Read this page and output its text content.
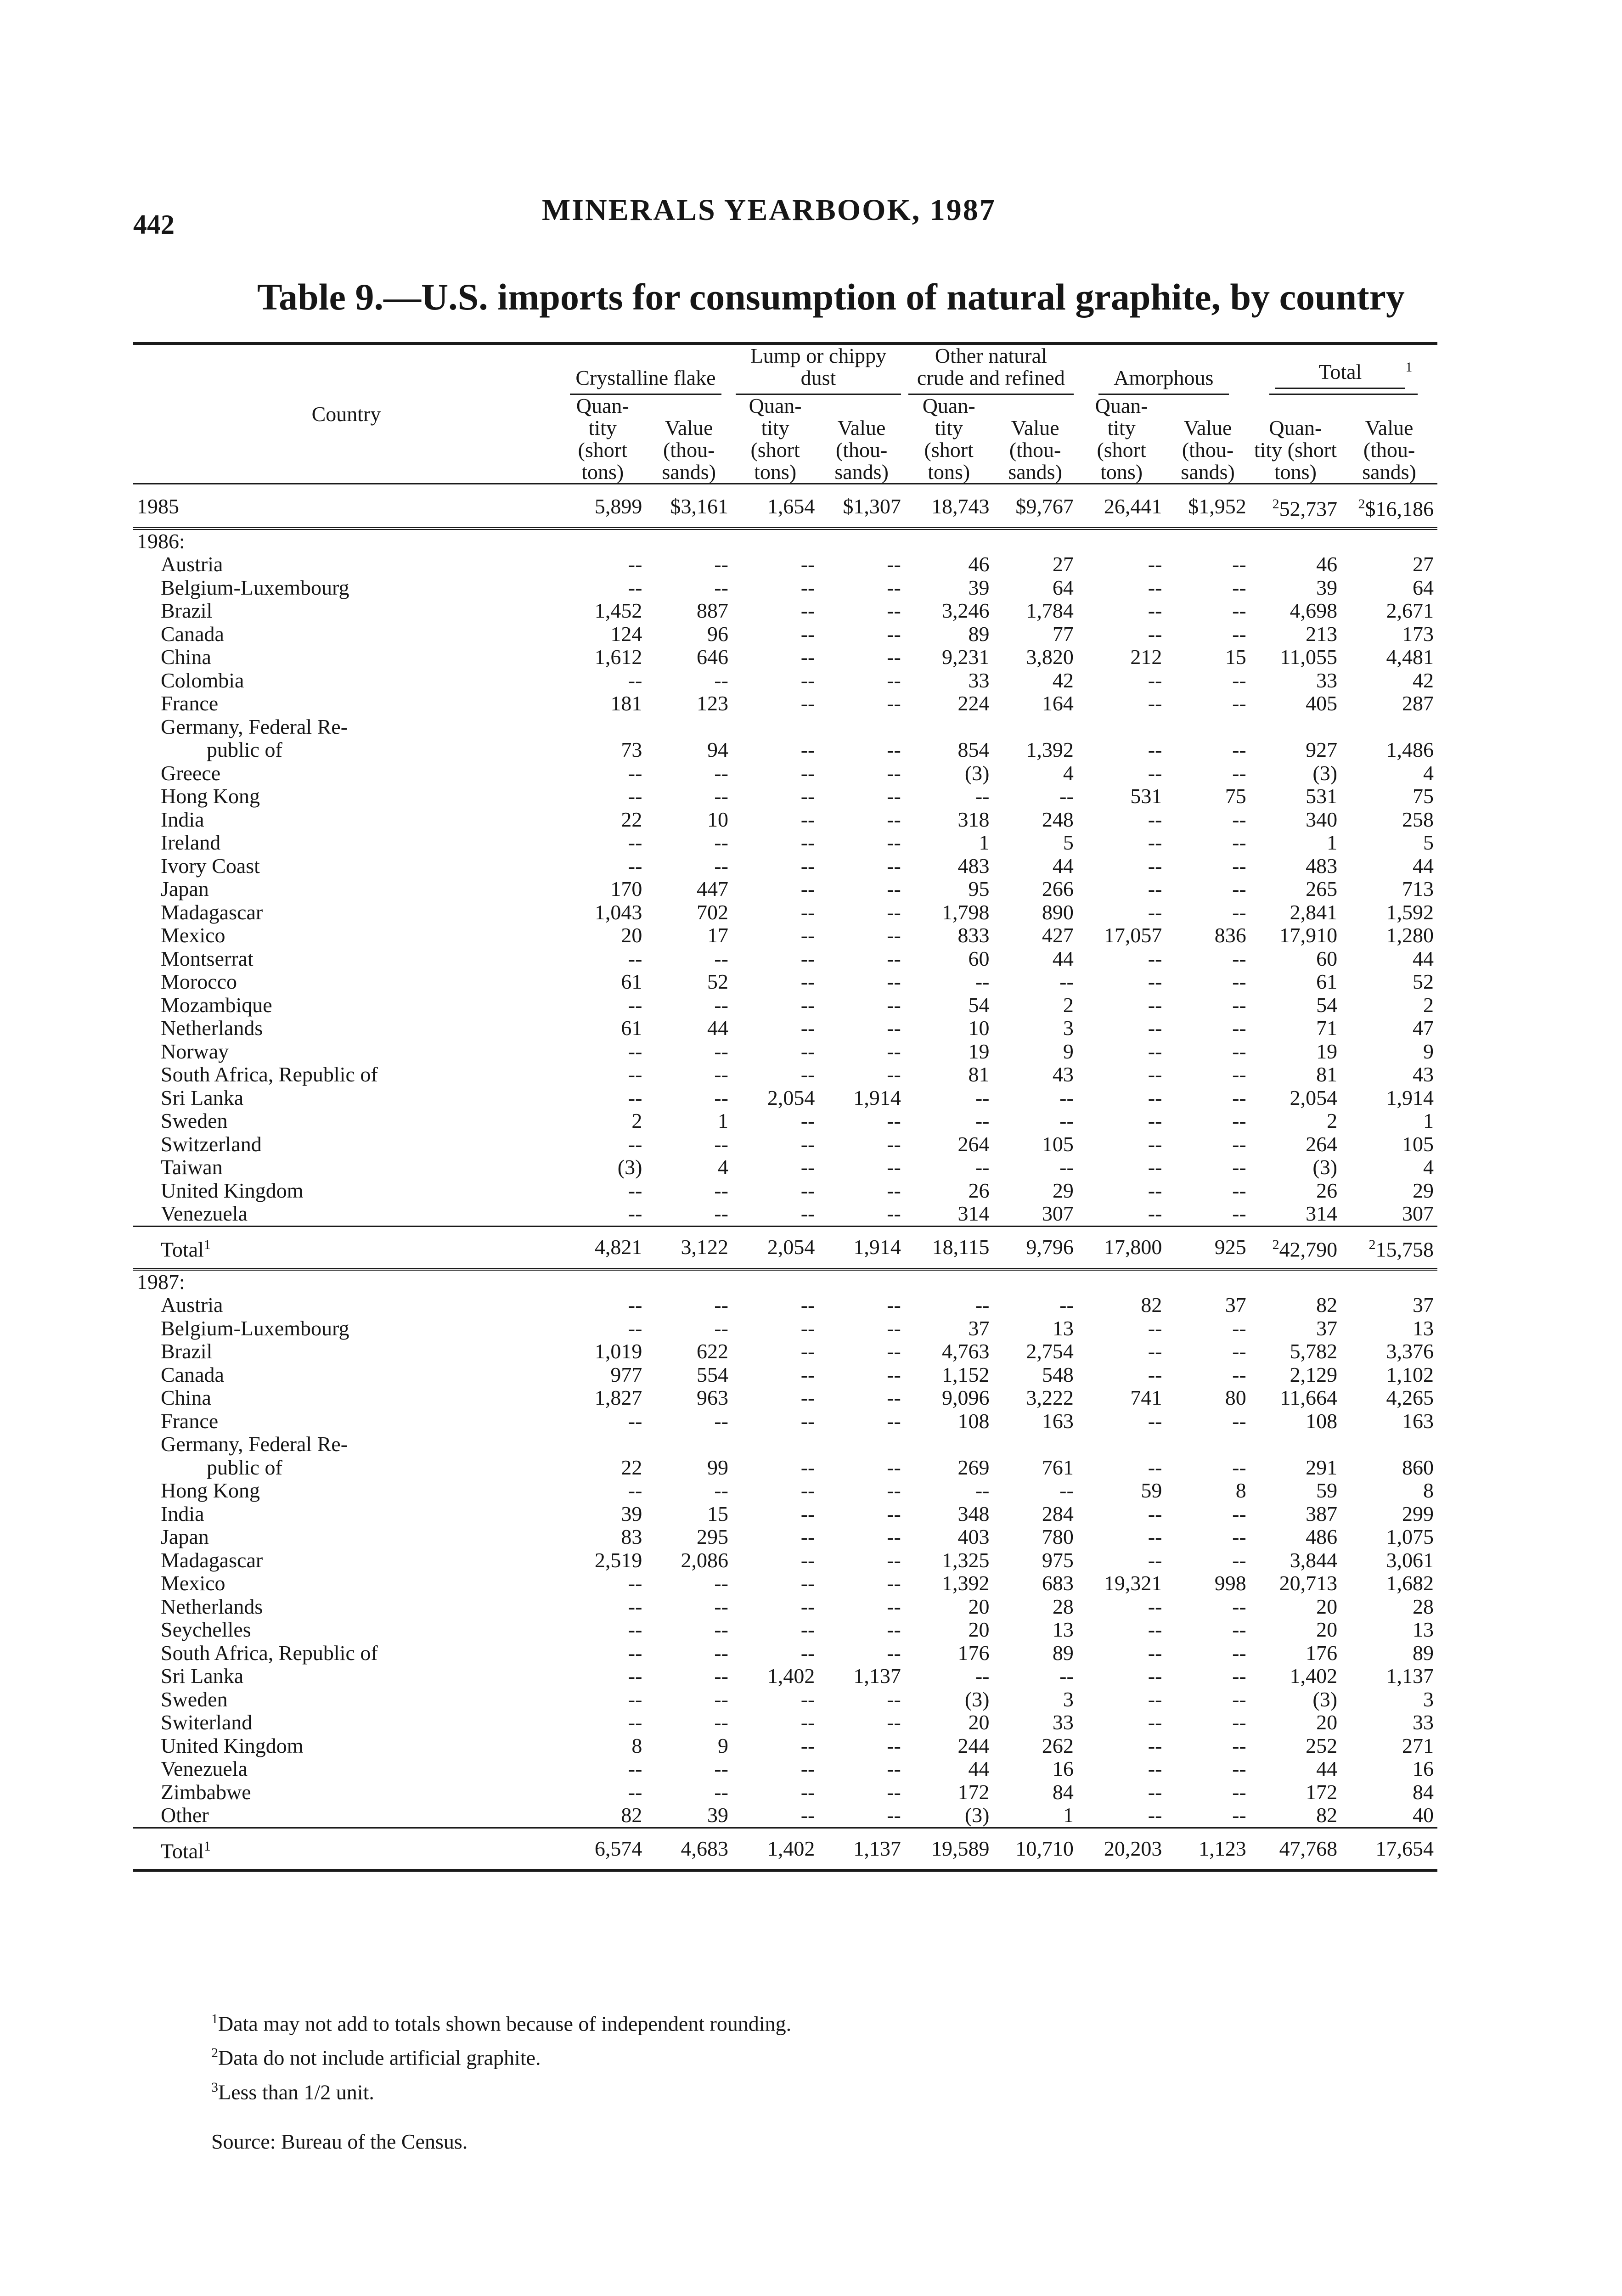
442	MINERALS YEARBOOK, 1987
Table 9.—U.S. imports for consumption of natural graphite, by country
Country	Crystalline flake		Lump or chippy dust		Other natural crude and refined		Amorphous		Total $^1$
	Quan- tity (short tons)	Value (thou- sands)	Quan- tity (short tons)	Value (thou- sands)	Quan- tity (short tons)	Value (thou- sands)	Quan- tity (short tons)	Value (thou- sands)	Quan- tity (short tons)	Value (thou- sands)
1985	5,899	$3,161	1,654	$1,307	18,743	$9,767	26,441	$1,952	$^2$52,737	$^2$\$16,186
1986:										
Austria	--	--	--	--	46	27	--	--	46	27
Belgium-Luxembourg	--	--	--	--	39	64	--	--	39	64
Brazil	1,452	887	--	--	3,246	1,784	--	--	4,698	2,671
Canada	124	96	--	--	89	77	--	--	213	173
China	1,612	646	--	--	9,231	3,820	212	15	11,055	4,481
Colombia	--	--	--	--	33	42	--	--	33	42
France	181	123	--	--	224	164	--	--	405	287
Germany, Federal Re-										
public of	73	94	--	--	854	1,392	--	--	927	1,486
Greece	--	--	--	--	(3)	4	--	--	(3)	4
Hong Kong	--	--	--	--	--	--	531	75	531	75
India	22	10	--	--	318	248	--	--	340	258
Ireland	--	--	--	--	1	5	--	--	1	5
Ivory Coast	--	--	--	--	483	44	--	--	483	44
Japan	170	447	--	--	95	266	--	--	265	713
Madagascar	1,043	702	--	--	1,798	890	--	--	2,841	1,592
Mexico	20	17	--	--	833	427	17,057	836	17,910	1,280
Montserrat	--	--	--	--	60	44	--	--	60	44
Morocco	61	52	--	--	--	--	--	--	61	52
Mozambique	--	--	--	--	54	2	--	--	54	2
Netherlands	61	44	--	--	10	3	--	--	71	47
Norway	--	--	--	--	19	9	--	--	19	9
South Africa, Republic of	--	--	--	--	81	43	--	--	81	43
Sri Lanka	--	--	2,054	1,914	--	--	--	--	2,054	1,914
Sweden	2	1	--	--	--	--	--	--	2	1
Switzerland	--	--	--	--	264	105	--	--	264	105
Taiwan	(3)	4	--	--	--	--	--	--	(3)	4
United Kingdom	--	--	--	--	26	29	--	--	26	29
Venezuela	--	--	--	--	314	307	--	--	314	307
Total$^1$	4,821	3,122	2,054	1,914	18,115	9,796	17,800	925	$^2$42,790	$^2$15,758
1987:										
Austria	--	--	--	--	--	--	82	37	82	37
Belgium-Luxembourg	--	--	--	--	37	13	--	--	37	13
Brazil	1,019	622	--	--	4,763	2,754	--	--	5,782	3,376
Canada	977	554	--	--	1,152	548	--	--	2,129	1,102
China	1,827	963	--	--	9,096	3,222	741	80	11,664	4,265
France	--	--	--	--	108	163	--	--	108	163
Germany, Federal Re-										
public of	22	99	--	--	269	761	--	--	291	860
Hong Kong	--	--	--	--	--	--	59	8	59	8
India	39	15	--	--	348	284	--	--	387	299
Japan	83	295	--	--	403	780	--	--	486	1,075
Madagascar	2,519	2,086	--	--	1,325	975	--	--	3,844	3,061
Mexico	--	--	--	--	1,392	683	19,321	998	20,713	1,682
Netherlands	--	--	--	--	20	28	--	--	20	28
Seychelles	--	--	--	--	20	13	--	--	20	13
South Africa, Republic of	--	--	--	--	176	89	--	--	176	89
Sri Lanka	--	--	1,402	1,137	--	--	--	--	1,402	1,137
Sweden	--	--	--	--	(3)	3	--	--	(3)	3
Switerland	--	--	--	--	20	33	--	--	20	33
United Kingdom	8	9	--	--	244	262	--	--	252	271
Venezuela	--	--	--	--	44	16	--	--	44	16
Zimbabwe	--	--	--	--	172	84	--	--	172	84
Other	82	39	--	--	(3)	1	--	--	82	40
Total$^1$	6,574	4,683	1,402	1,137	19,589	10,710	20,203	1,123	47,768	17,654
$^1$Data may not add to totals shown because of independent rounding.
$^2$Data do not include artificial graphite.
$^3$Less than 1/2 unit.
Source: Bureau of the Census.
